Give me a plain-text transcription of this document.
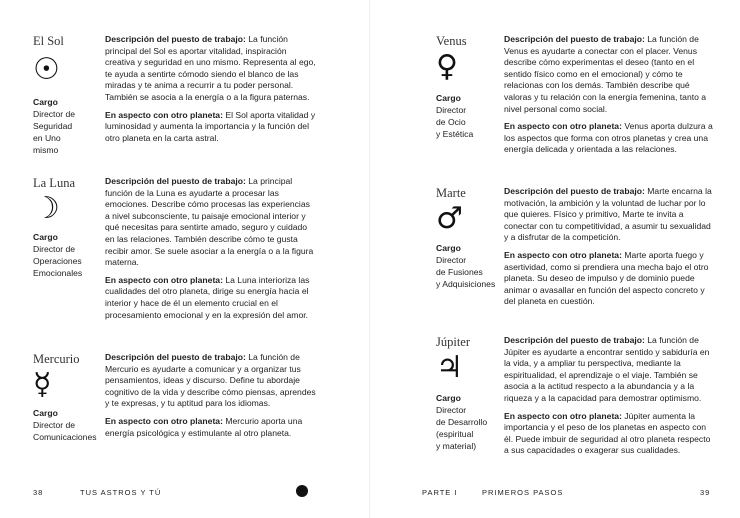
El Sol
☉
Cargo
Director de
Seguridad
en Uno
mismo

Descripción del puesto de trabajo: La función principal del Sol es aportar vitalidad, inspiración creativa y seguridad en uno mismo. Representa al ego, te ayuda a sentirte cómodo siendo el blanco de las miradas y te anima a recurrir a tu poder personal. También se asocia a la energía o a la figura paternas.

En aspecto con otro planeta: El Sol aporta vitalidad y luminosidad y aumenta la importancia y la función del otro planeta en la carta astral.

La Luna
☽
Cargo
Director de
Operaciones
Emocionales

Descripción del puesto de trabajo: La principal función de la Luna es ayudarte a procesar las emociones. Describe cómo procesas las experiencias a nivel subconsciente, tu paisaje emocional interior y qué necesitas para sentirte amado, seguro y cuidado en las relaciones. También describe cómo te gusta recibir amor. Se suele asociar a la energía o a la figura materna.

En aspecto con otro planeta: La Luna interioriza las cualidades del otro planeta, dirige su energía hacia el interior y hace de él un elemento crucial en el procesamiento emocional y en la expresión del amor.

Mercurio
☿
Cargo
Director de
Comunicaciones

Descripción del puesto de trabajo: La función de Mercurio es ayudarte a comunicar y a organizar tus pensamientos, ideas y discurso. Define tu abordaje cognitivo de la vida y describe cómo piensas, aprendes y te expresas, y tu aptitud para los idiomas.

En aspecto con otro planeta: Mercurio aporta una energía psicológica y estimulante al otro planeta.

38	TUS ASTROS Y TÚ
Venus
♀
Cargo
Director
de Ocio
y Estética

Descripción del puesto de trabajo: La función de Venus es ayudarte a conectar con el placer. Venus describe cómo experimentas el deseo (tanto en el sentido físico como en el emocional) y cómo te relacionas con los demás. También describe qué valoras y tu relación con la energía femenina, tanto a nivel personal como social.

En aspecto con otro planeta: Venus aporta dulzura a los aspectos que forma con otros planetas y crea una energía delicada y orientada a las relaciones.

Marte
♂
Cargo
Director
de Fusiones
y Adquisiciones

Descripción del puesto de trabajo: Marte encarna la motivación, la ambición y la voluntad de luchar por lo que quieres. Físico y primitivo, Marte te invita a conectar con tu competitividad, a asumir tu sexualidad y a disfrutar de la competición.

En aspecto con otro planeta: Marte aporta fuego y asertividad, como si prendiera una mecha bajo el otro planeta. Su deseo de impulso y de dominio puede animar o avasallar en función del aspecto concreto y del planeta en cuestión.

Júpiter
♃
Cargo
Director
de Desarrollo
(espiritual
y material)

Descripción del puesto de trabajo: La función de Júpiter es ayudarte a encontrar sentido y sabiduría en la vida, y a ampliar tu perspectiva, mediante la espiritualidad, el aprendizaje o el viaje. También se asocia a la actitud respecto a la abundancia y a la riqueza y a la capacidad para demostrar optimismo.

En aspecto con otro planeta: Júpiter aumenta la importancia y el peso de los planetas en aspecto con él. Puede imbuir de seguridad al otro planeta respecto a sus capacidades o exagerar sus cualidades.

PARTE I	PRIMEROS PASOS	39
